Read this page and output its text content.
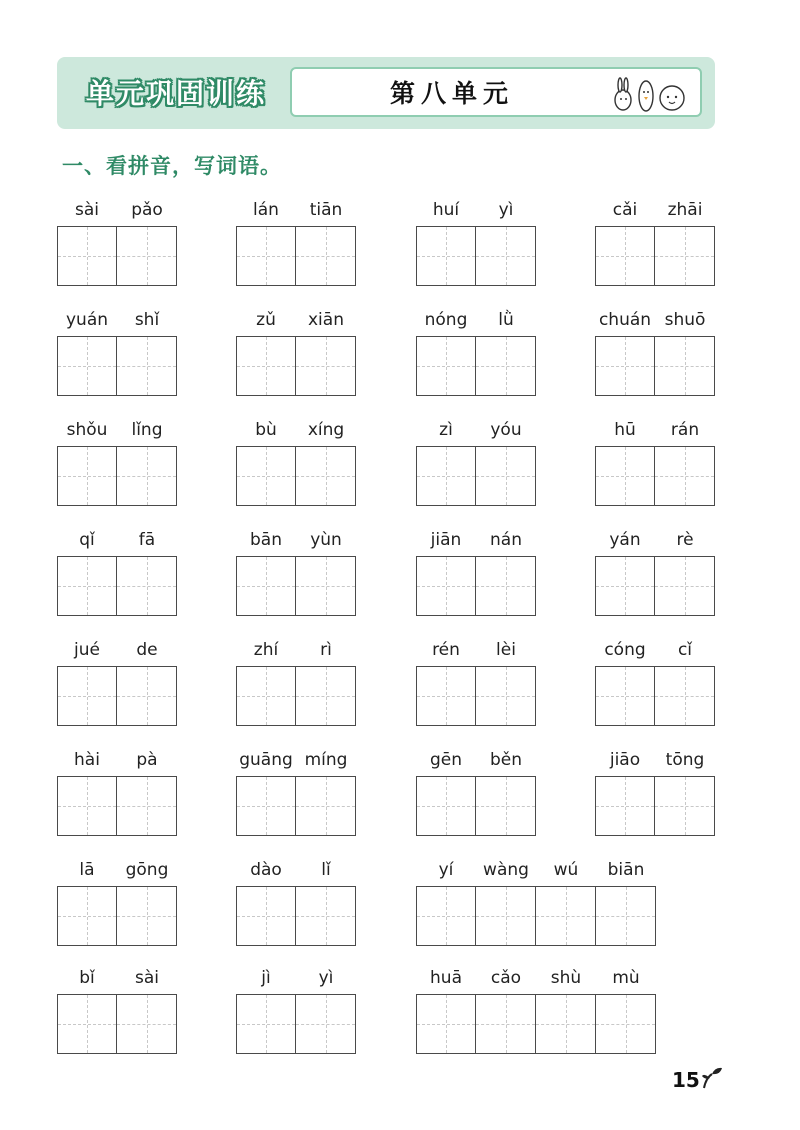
单元巩固训练	第八单元
一、看拼音，写词语。
sài	pǎo	lán	tiān	huí	yì	cǎi	zhāi
yuán	shǐ	zǔ	xiān	nóng	lǜ	chuán shuō
shǒu	lǐng	bù	xíng	zì	yóu	hū	rán
qǐ	fā	bān	yùn	jiān	nán	yán	rè
jué	de	zhí	rì	rén	lèi	cóng	cǐ
hài	pà	guāng míng	gēn	běn	jiāo	tōng
lā	gōng	dào	lǐ	yí	wàng	wú	biān
bǐ	sài	jì	yì	huā	cǎo	shù	mù
15
